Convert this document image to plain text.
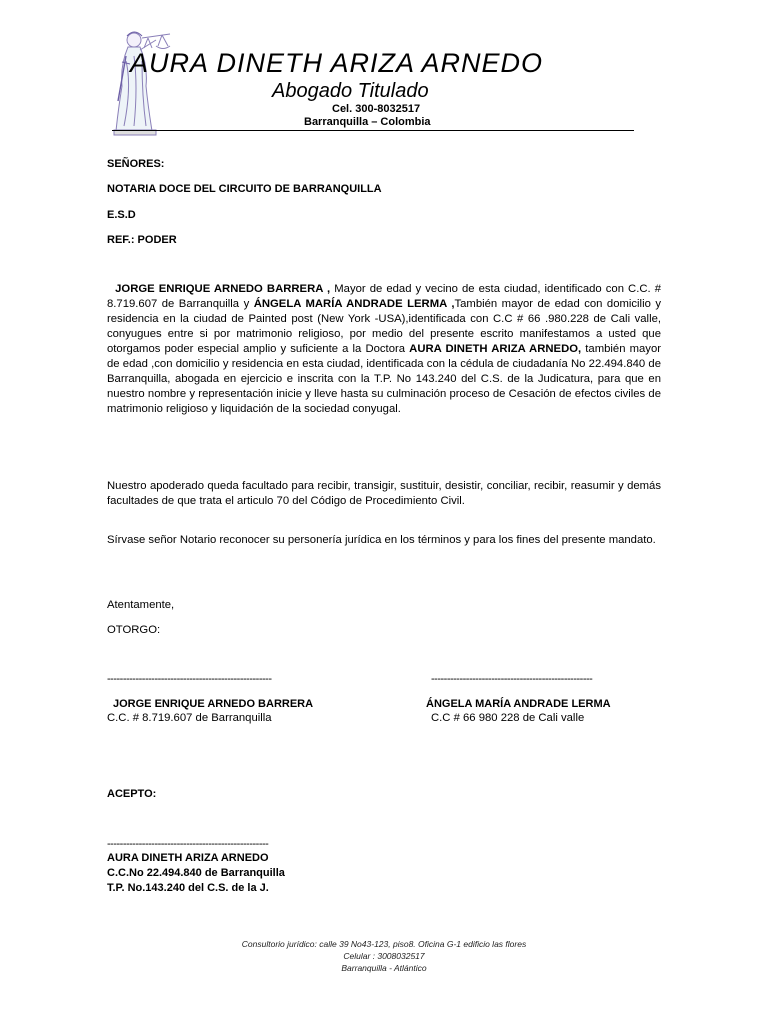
AURA DINETH ARIZA ARNEDO
Abogado Titulado
Cel. 300-8032517
Barranquilla – Colombia
SEÑORES:
NOTARIA DOCE DEL CIRCUITO DE BARRANQUILLA
E.S.D
REF.: PODER

JORGE ENRIQUE ARNEDO BARRERA , Mayor de edad y vecino de esta ciudad, identificado con C.C. # 8.719.607 de Barranquilla y ÁNGELA MARÍA ANDRADE LERMA ,También mayor de edad con domicilio y residencia en la ciudad de Painted post (New York -USA),identificada con C.C # 66 .980.228 de Cali valle, conyugues entre si por matrimonio religioso, por medio del presente escrito manifestamos a usted que otorgamos poder especial amplio y suficiente a la Doctora AURA DINETH ARIZA ARNEDO, también mayor de edad ,con domicilio y residencia en esta ciudad, identificada con la cédula de ciudadanía No 22.494.840 de Barranquilla, abogada en ejercicio e inscrita con la T.P. No 143.240 del C.S. de la Judicatura, para que en nuestro nombre y representación inicie y lleve hasta su culminación proceso de Cesación de efectos civiles de matrimonio religioso y liquidación de la sociedad conyugal.

Nuestro apoderado queda facultado para recibir, transigir, sustituir, desistir, conciliar, recibir, reasumir y demás facultades de que trata el articulo 70 del Código de Procedimiento Civil.

Sírvase señor Notario reconocer su personería jurídica en los términos y para los fines del presente mandato.

Atentamente,
OTORGO:
----------------------------------------------------	---------------------------------------------------
JORGE ENRIQUE ARNEDO BARRERA
C.C. # 8.719.607 de Barranquilla
ÁNGELA MARÍA ANDRADE LERMA
C.C # 66 980 228 de Cali valle
ACEPTO:
---------------------------------------------------
AURA DINETH ARIZA ARNEDO
C.C.No 22.494.840 de Barranquilla
T.P. No.143.240 del C.S. de la J.
Consultorio jurídico: calle 39 No43-123, piso8. Oficina G-1 edificio las flores
Celular : 3008032517
Barranquilla - Atlántico
